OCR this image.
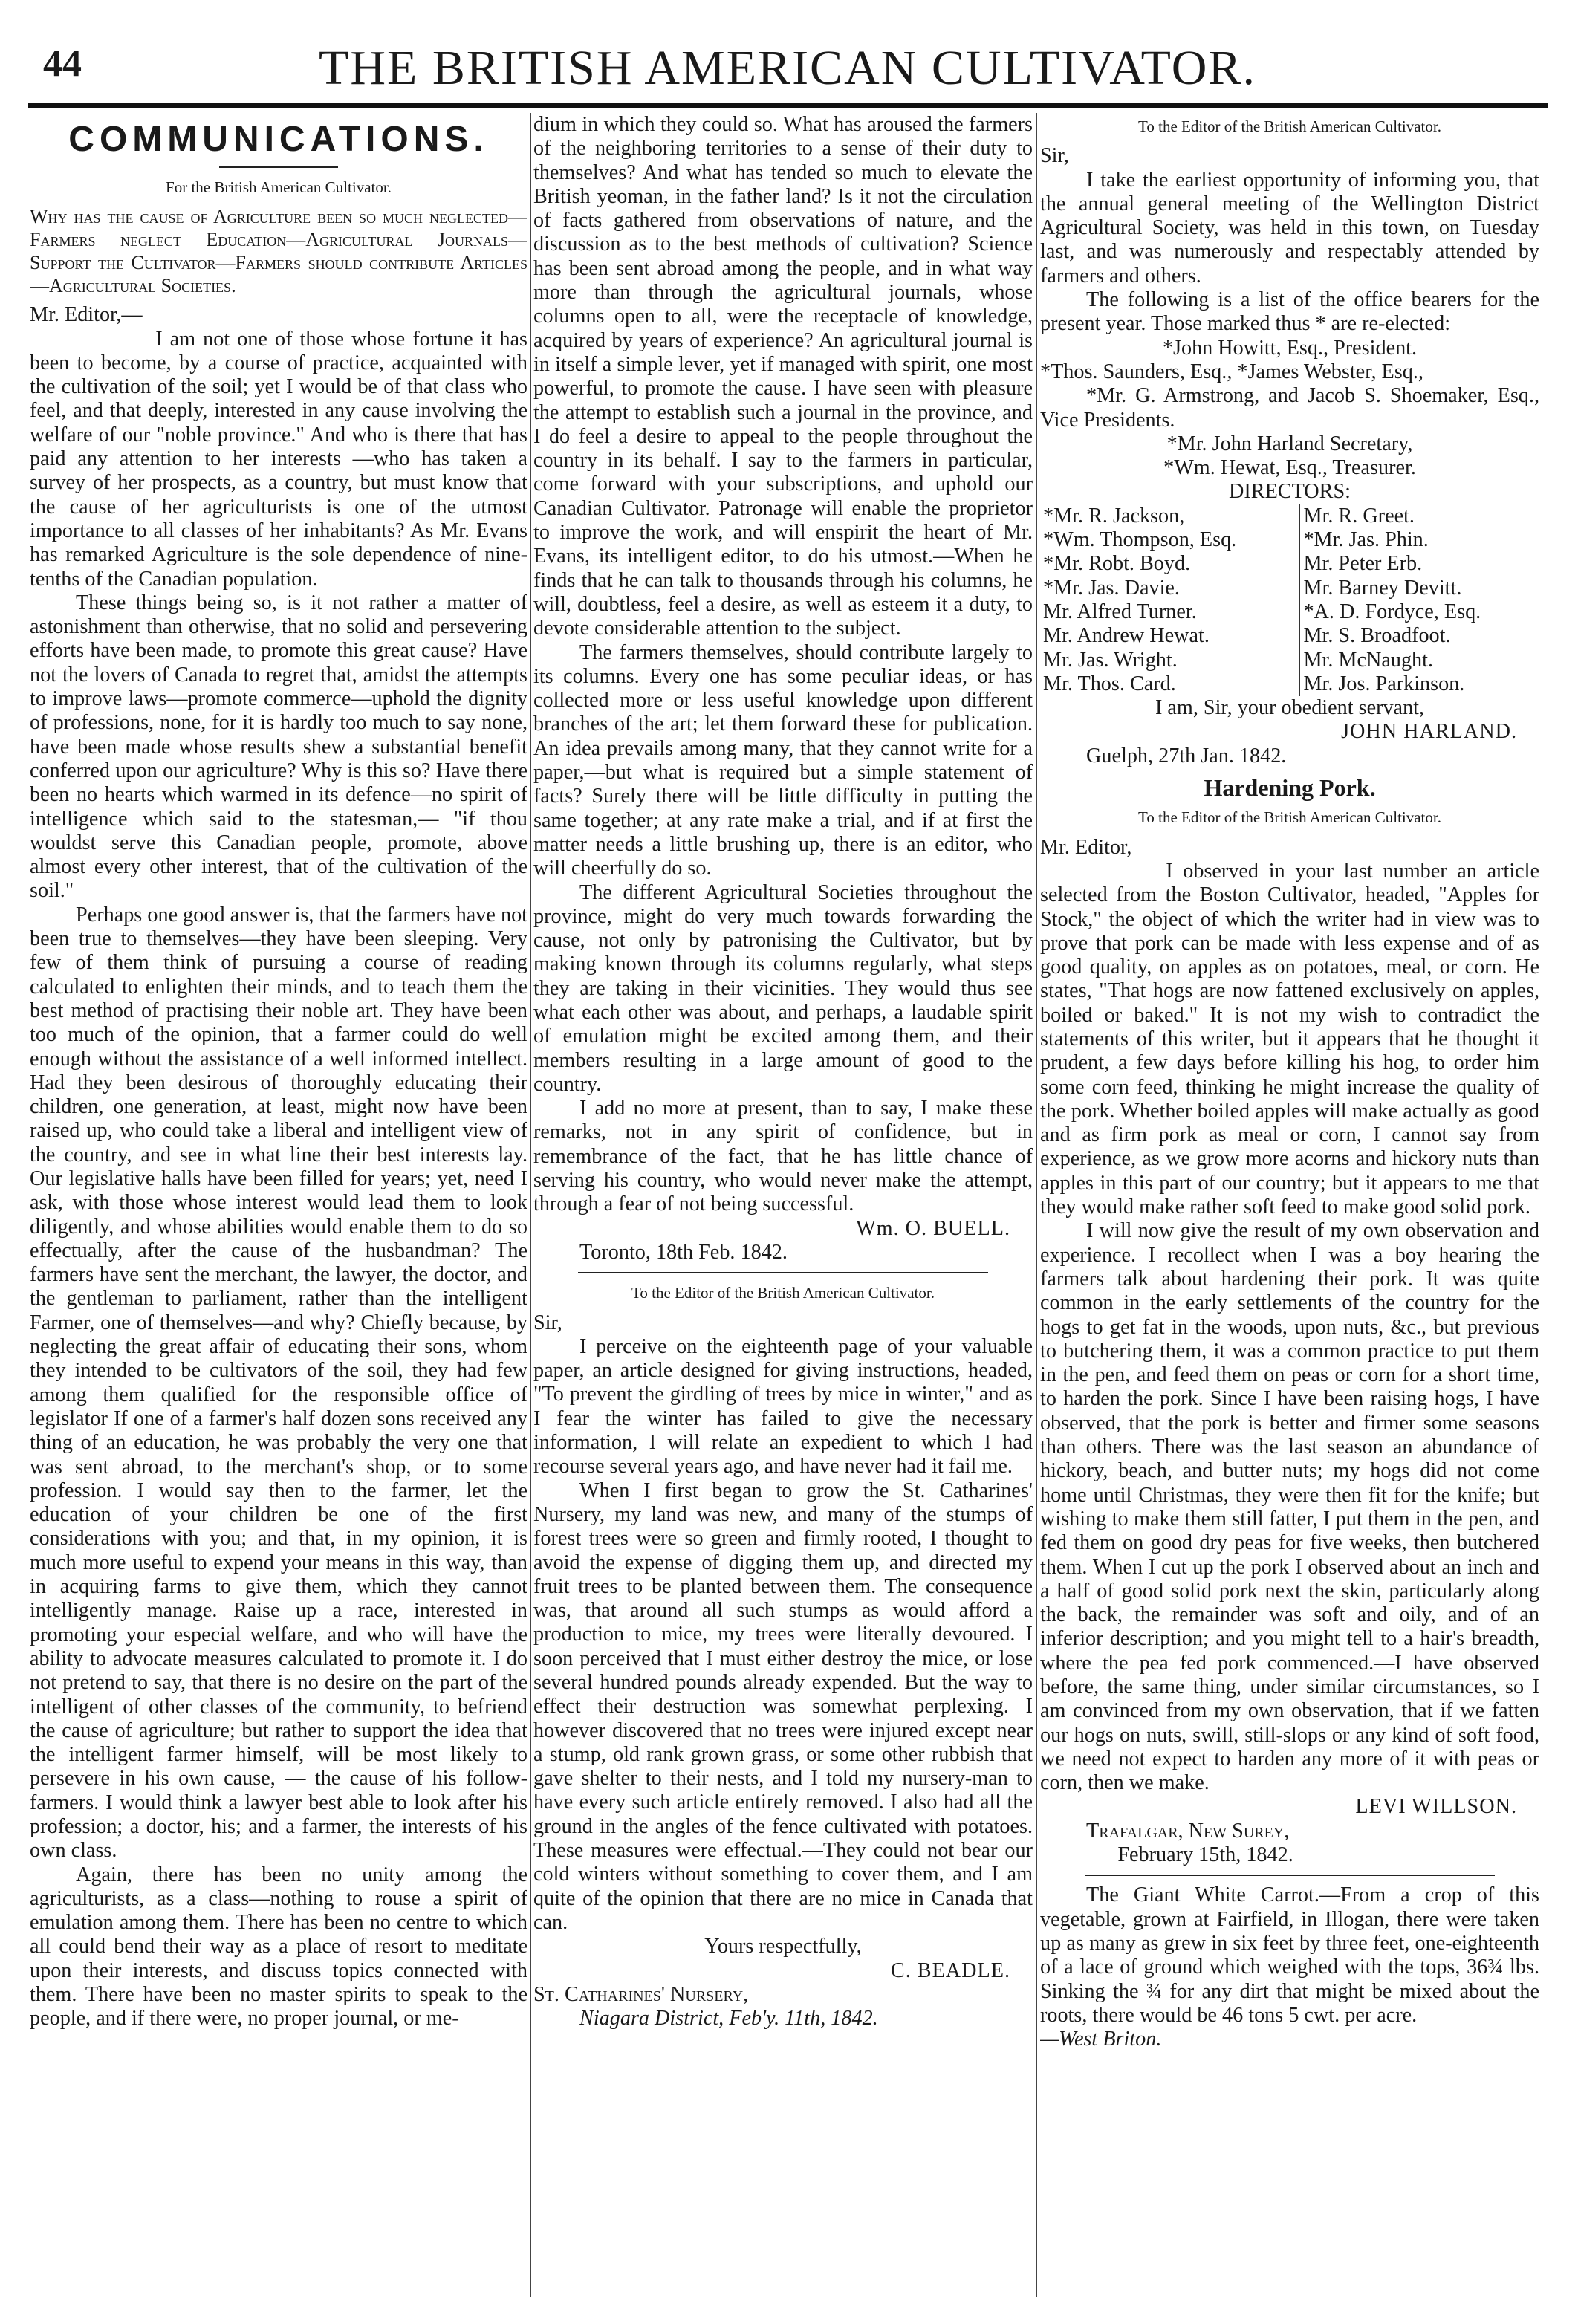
44	THE BRITISH AMERICAN CULTIVATOR.
COMMUNICATIONS.

For the British American Cultivator.

Why has the cause of Agriculture been so much neglected—Farmers neglect Education—Agricultural Journals—Support the Cultivator—Farmers should contribute Articles—Agricultural Societies.

Mr. Editor,—

I am not one of those whose fortune it has been to become, by a course of practice, acquainted with the cultivation of the soil; yet I would be of that class who feel, and that deeply, interested in any cause involving the welfare of our "noble province." And who is there that has paid any attention to her interests —who has taken a survey of her prospects, as a country, but must know that the cause of her agriculturists is one of the utmost importance to all classes of her inhabitants? As Mr. Evans has remarked Agriculture is the sole dependence of nine-tenths of the Canadian population.

These things being so, is it not rather a matter of astonishment than otherwise, that no solid and persevering efforts have been made, to promote this great cause? Have not the lovers of Canada to regret that, amidst the attempts to improve laws—promote commerce—uphold the dignity of professions, none, for it is hardly too much to say none, have been made whose results shew a substantial benefit conferred upon our agriculture? Why is this so? Have there been no hearts which warmed in its defence—no spirit of intelligence which said to the statesman,— "if thou wouldst serve this Canadian people, promote, above almost every other interest, that of the cultivation of the soil."

Perhaps one good answer is, that the farmers have not been true to themselves—they have been sleeping. Very few of them think of pursuing a course of reading calculated to enlighten their minds, and to teach them the best method of practising their noble art. They have been too much of the opinion, that a farmer could do well enough without the assistance of a well informed intellect. Had they been desirous of thoroughly educating their children, one generation, at least, might now have been raised up, who could take a liberal and intelligent view of the country, and see in what line their best interests lay. Our legislative halls have been filled for years; yet, need I ask, with those whose interest would lead them to look diligently, and whose abilities would enable them to do so effectually, after the cause of the husbandman? The farmers have sent the merchant, the lawyer, the doctor, and the gentleman to parliament, rather than the intelligent Farmer, one of themselves—and why? Chiefly because, by neglecting the great affair of educating their sons, whom they intended to be cultivators of the soil, they had few among them qualified for the responsible office of legislator If one of a farmer's half dozen sons received any thing of an education, he was probably the very one that was sent abroad, to the merchant's shop, or to some profession. I would say then to the farmer, let the education of your children be one of the first considerations with you; and that, in my opinion, it is much more useful to expend your means in this way, than in acquiring farms to give them, which they cannot intelligently manage. Raise up a race, interested in promoting your especial welfare, and who will have the ability to advocate measures calculated to promote it. I do not pretend to say, that there is no desire on the part of the intelligent of other classes of the community, to befriend the cause of agriculture; but rather to support the idea that the intelligent farmer himself, will be most likely to persevere in his own cause, — the cause of his follow-farmers. I would think a lawyer best able to look after his profession; a doctor, his; and a farmer, the interests of his own class.

Again, there has been no unity among the agriculturists, as a class—nothing to rouse a spirit of emulation among them. There has been no centre to which all could bend their way as a place of resort to meditate upon their interests, and discuss topics connected with them. There have been no master spirits to speak to the people, and if there were, no proper journal, or me-

dium in which they could so. What has aroused the farmers of the neighboring territories to a sense of their duty to themselves? And what has tended so much to elevate the British yeoman, in the father land? Is it not the circulation of facts gathered from observations of nature, and the discussion as to the best methods of cultivation? Science has been sent abroad among the people, and in what way more than through the agricultural journals, whose columns open to all, were the receptacle of knowledge, acquired by years of experience? An agricultural journal is in itself a simple lever, yet if managed with spirit, one most powerful, to promote the cause. I have seen with pleasure the attempt to establish such a journal in the province, and I do feel a desire to appeal to the people throughout the country in its behalf. I say to the farmers in particular, come forward with your subscriptions, and uphold our Canadian Cultivator. Patronage will enable the proprietor to improve the work, and will enspirit the heart of Mr. Evans, its intelligent editor, to do his utmost.—When he finds that he can talk to thousands through his columns, he will, doubtless, feel a desire, as well as esteem it a duty, to devote considerable attention to the subject.

The farmers themselves, should contribute largely to its columns. Every one has some peculiar ideas, or has collected more or less useful knowledge upon different branches of the art; let them forward these for publication. An idea prevails among many, that they cannot write for a paper,—but what is required but a simple statement of facts? Surely there will be little difficulty in putting the same together; at any rate make a trial, and if at first the matter needs a little brushing up, there is an editor, who will cheerfully do so.

The different Agricultural Societies throughout the province, might do very much towards forwarding the cause, not only by patronising the Cultivator, but by making known through its columns regularly, what steps they are taking in their vicinities. They would thus see what each other was about, and perhaps, a laudable spirit of emulation might be excited among them, and their members resulting in a large amount of good to the country.

I add no more at present, than to say, I make these remarks, not in any spirit of confidence, but in remembrance of the fact, that he has little chance of serving his country, who would never make the attempt, through a fear of not being successful.

Wm. O. BUELL.

Toronto, 18th Feb. 1842.

To the Editor of the British American Cultivator.

Sir,

I perceive on the eighteenth page of your valuable paper, an article designed for giving instructions, headed, "To prevent the girdling of trees by mice in winter," and as I fear the winter has failed to give the necessary information, I will relate an expedient to which I had recourse several years ago, and have never had it fail me.

When I first began to grow the St. Catharines' Nursery, my land was new, and many of the stumps of forest trees were so green and firmly rooted, I thought to avoid the expense of digging them up, and directed my fruit trees to be planted between them. The consequence was, that around all such stumps as would afford a production to mice, my trees were literally devoured. I soon perceived that I must either destroy the mice, or lose several hundred pounds already expended. But the way to effect their destruction was somewhat perplexing. I however discovered that no trees were injured except near a stump, old rank grown grass, or some other rubbish that gave shelter to their nests, and I told my nursery-man to have every such article entirely removed. I also had all the ground in the angles of the fence cultivated with potatoes. These measures were effectual.—They could not bear our cold winters without something to cover them, and I am quite of the opinion that there are no mice in Canada that can.

Yours respectfully,

C. BEADLE.

St. Catharines' Nursery,

Niagara District, Feb'y. 11th, 1842.

To the Editor of the British American Cultivator.

Sir,

I take the earliest opportunity of informing you, that the annual general meeting of the Wellington District Agricultural Society, was held in this town, on Tuesday last, and was numerously and respectably attended by farmers and others.

The following is a list of the office bearers for the present year. Those marked thus * are re-elected:

*John Howitt, Esq., President.

*Thos. Saunders, Esq., *James Webster, Esq.,

*Mr. G. Armstrong, and Jacob S. Shoemaker, Esq., Vice Presidents.

*Mr. John Harland Secretary,

*Wm. Hewat, Esq., Treasurer.

DIRECTORS:

*Mr. R. Jackson,	Mr. R. Greet.
*Wm. Thompson, Esq.	*Mr. Jas. Phin.
*Mr. Robt. Boyd.	Mr. Peter Erb.
*Mr. Jas. Davie.	Mr. Barney Devitt.
Mr. Alfred Turner.	*A. D. Fordyce, Esq.
Mr. Andrew Hewat.	Mr. S. Broadfoot.
Mr. Jas. Wright.	Mr. McNaught.
Mr. Thos. Card.	Mr. Jos. Parkinson.

I am, Sir, your obedient servant,

JOHN HARLAND.

Guelph, 27th Jan. 1842.

Hardening Pork.

To the Editor of the British American Cultivator.

Mr. Editor,

I observed in your last number an article selected from the Boston Cultivator, headed, "Apples for Stock," the object of which the writer had in view was to prove that pork can be made with less expense and of as good quality, on apples as on potatoes, meal, or corn. He states, "That hogs are now fattened exclusively on apples, boiled or baked." It is not my wish to contradict the statements of this writer, but it appears that he thought it prudent, a few days before killing his hog, to order him some corn feed, thinking he might increase the quality of the pork. Whether boiled apples will make actually as good and as firm pork as meal or corn, I cannot say from experience, as we grow more acorns and hickory nuts than apples in this part of our country; but it appears to me that they would make rather soft feed to make good solid pork.

I will now give the result of my own observation and experience. I recollect when I was a boy hearing the farmers talk about hardening their pork. It was quite common in the early settlements of the country for the hogs to get fat in the woods, upon nuts, &c., but previous to butchering them, it was a common practice to put them in the pen, and feed them on peas or corn for a short time, to harden the pork. Since I have been raising hogs, I have observed, that the pork is better and firmer some seasons than others. There was the last season an abundance of hickory, beach, and butter nuts; my hogs did not come home until Christmas, they were then fit for the knife; but wishing to make them still fatter, I put them in the pen, and fed them on good dry peas for five weeks, then butchered them. When I cut up the pork I observed about an inch and a half of good solid pork next the skin, particularly along the back, the remainder was soft and oily, and of an inferior description; and you might tell to a hair's breadth, where the pea fed pork commenced.—I have observed before, the same thing, under similar circumstances, so I am convinced from my own observation, that if we fatten our hogs on nuts, swill, still-slops or any kind of soft food, we need not expect to harden any more of it with peas or corn, then we make.

LEVI WILLSON.

Trafalgar, New Surey,

February 15th, 1842.

The Giant White Carrot.—From a crop of this vegetable, grown at Fairfield, in Illogan, there were taken up as many as grew in six feet by three feet, one-eighteenth of a lace of ground which weighed with the tops, 36¾ lbs. Sinking the ¾ for any dirt that might be mixed about the roots, there would be 46 tons 5 cwt. per acre.

—West Briton.
